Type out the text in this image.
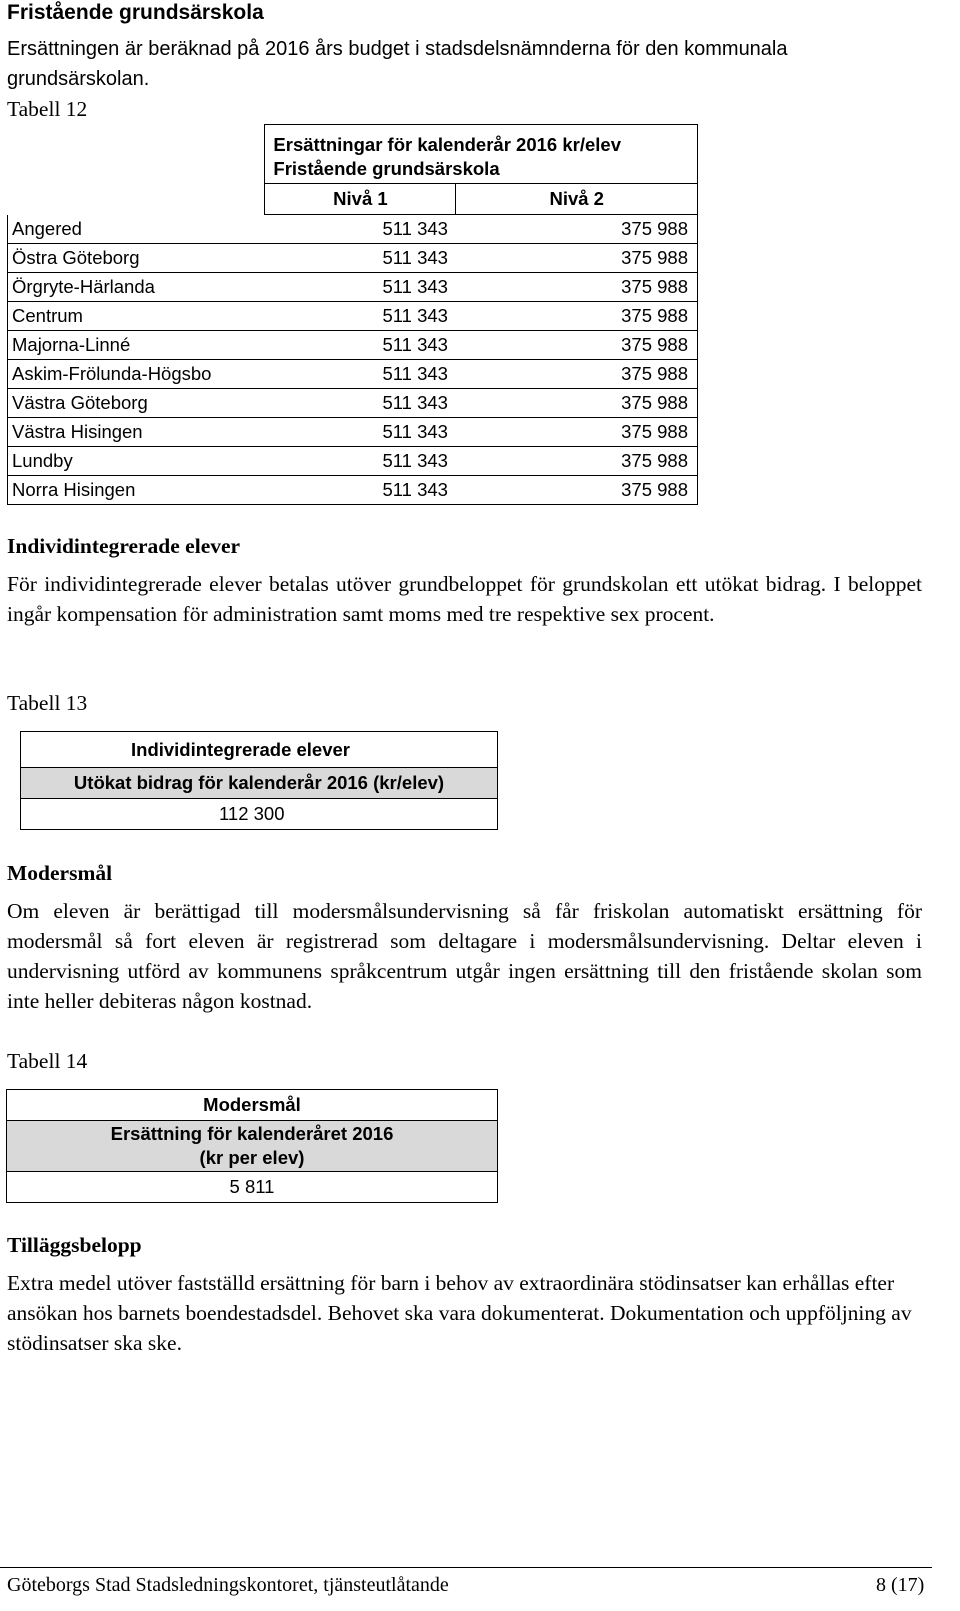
Fristående grundsärskola

Ersättningen är beräknad på 2016 års budget i stadsdelsnämnderna för den kommunala grundsärskolan.

Tabell 12

	Ersättningar för kalenderår 2016 kr/elev
Fristående grundsärskola	

	Nivå 1	Nivå 2
Angered	511 343	375 988
Östra Göteborg	511 343	375 988
Örgryte-Härlanda	511 343	375 988
Centrum	511 343	375 988
Majorna-Linné	511 343	375 988
Askim-Frölunda-Högsbo	511 343	375 988
Västra Göteborg	511 343	375 988
Västra Hisingen	511 343	375 988
Lundby	511 343	375 988
Norra Hisingen	511 343	375 988
Individintegrerade elever

För individintegrerade elever betalas utöver grundbeloppet för grundskolan ett utökat bidrag. I beloppet ingår kompensation för administration samt moms med tre respektive sex procent.

Tabell 13
Individintegrerade elever
Utökat bidrag för kalenderår 2016 (kr/elev)
112 300
Modersmål

Om eleven är berättigad till modersmålsundervisning så får friskolan automatiskt ersättning för modersmål så fort eleven är registrerad som deltagare i modersmålsundervisning. Deltar eleven i undervisning utförd av kommunens språkcentrum utgår ingen ersättning till den fristående skolan som inte heller debiteras någon kostnad.

Tabell 14
Modersmål

Ersättning för kalenderåret 2016
(kr per elev)

5 811
Tilläggsbelopp

Extra medel utöver fastställd ersättning för barn i behov av extraordinära stödinsatser kan erhållas efter ansökan hos barnets boendestadsdel. Behovet ska vara dokumenterat. Dokumentation och uppföljning av stödinsatser ska ske.

Göteborgs Stad Stadsledningskontoret, tjänsteutlåtande	8 (17)
